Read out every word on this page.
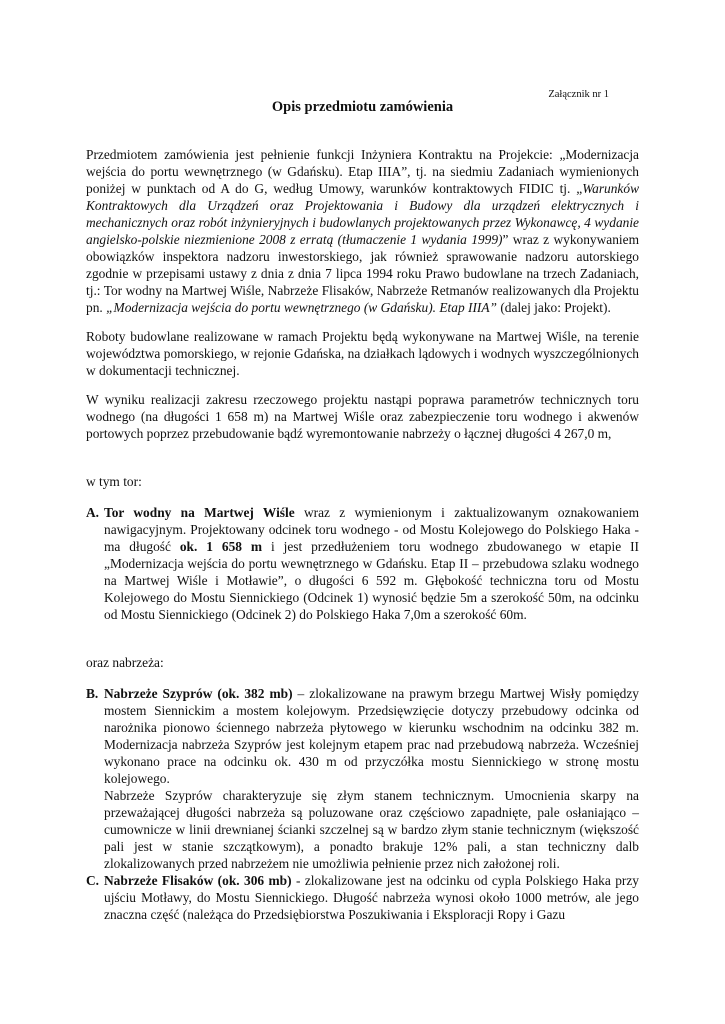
Załącznik nr 1
Opis przedmiotu zamówienia

Przedmiotem zamówienia jest pełnienie funkcji Inżyniera Kontraktu na Projekcie: „Modernizacja wejścia do portu wewnętrznego (w Gdańsku). Etap IIIA”, tj. na siedmiu Zadaniach wymienionych poniżej w punktach od A do G, według Umowy, warunków kontraktowych FIDIC tj. „Warunków Kontraktowych dla Urządzeń oraz Projektowania i Budowy dla urządzeń elektrycznych i mechanicznych oraz robót inżynieryjnych i budowlanych projektowanych przez Wykonawcę, 4 wydanie angielsko-polskie niezmienione 2008 z erratą (tłumaczenie 1 wydania 1999)” wraz z wykonywaniem obowiązków inspektora nadzoru inwestorskiego, jak również sprawowanie nadzoru autorskiego zgodnie w przepisami ustawy z dnia z dnia 7 lipca 1994 roku Prawo budowlane na trzech Zadaniach, tj.: Tor wodny na Martwej Wiśle, Nabrzeże Flisaków, Nabrzeże Retmanów realizowanych dla Projektu pn. „Modernizacja wejścia do portu wewnętrznego (w Gdańsku). Etap IIIA” (dalej jako: Projekt).

Roboty budowlane realizowane w ramach Projektu będą wykonywane na Martwej Wiśle, na terenie województwa pomorskiego, w rejonie Gdańska, na działkach lądowych i wodnych wyszczególnionych w dokumentacji technicznej.

W wyniku realizacji zakresu rzeczowego projektu nastąpi poprawa parametrów technicznych toru wodnego (na długości 1 658 m) na Martwej Wiśle oraz zabezpieczenie toru wodnego i akwenów portowych poprzez przebudowanie bądź wyremontowanie nabrzeży o łącznej długości 4 267,0 m,

w tym tor:

A. Tor wodny na Martwej Wiśle wraz z wymienionym i zaktualizowanym oznakowaniem nawigacyjnym. Projektowany odcinek toru wodnego - od Mostu Kolejowego do Polskiego Haka - ma długość ok. 1 658 m i jest przedłużeniem toru wodnego zbudowanego w etapie II „Modernizacja wejścia do portu wewnętrznego w Gdańsku. Etap II – przebudowa szlaku wodnego na Martwej Wiśle i Motławie”, o długości 6 592 m. Głębokość technicznа toru od Mostu Kolejowego do Mostu Siennickiego (Odcinek 1) wynosić będzie 5m a szerokość 50m, na odcinku od Mostu Siennickiego (Odcinek 2) do Polskiego Haka 7,0m a szerokość 60m.

oraz nabrzeża:

B. Nabrzeże Szyprów (ok. 382 mb) – zlokalizowane na prawym brzegu Martwej Wisły pomiędzy mostem Siennickim a mostem kolejowym. Przedsięwzięcie dotyczy przebudowy odcinka od narożnika pionowo ściennego nabrzeża płytowego w kierunku wschodnim na odcinku 382 m. Modernizacja nabrzeża Szyprów jest kolejnym etapem prac nad przebudową nabrzeża. Wcześniej wykonano prace na odcinku ok. 430 m od przyczółka mostu Siennickiego w stronę mostu kolejowego.
Nabrzeże Szyprów charakteryzuje się złym stanem technicznym. Umocnienia skarpy na przeważającej długości nabrzeża są poluzowane oraz częściowo zapadnięte, pale osłaniająco – cumownicze w linii drewnianej ścianki szczelnej są w bardzo złym stanie technicznym (większość pali jest w stanie szczątkowym), a ponadto brakuje 12% pali, a stan techniczny dalb zlokalizowanych przed nabrzeżem nie umożliwia pełnienie przez nich założonej roli.
C. Nabrzeże Flisaków (ok. 306 mb) - zlokalizowane jest na odcinku od cypla Polskiego Haka przy ujściu Motławy, do Mostu Siennickiego. Długość nabrzeża wynosi około 1000 metrów, ale jego znaczna część (należąca do Przedsiębiorstwa Poszukiwania i Eksploracji Ropy i Gazu
